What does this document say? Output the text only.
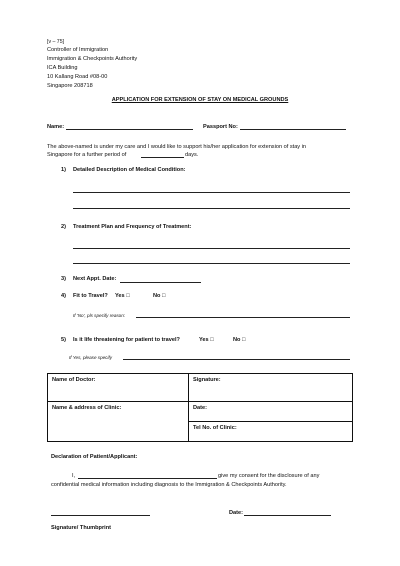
[v – 75]
Controller of Immigration
Immigration & Checkpoints Authority
ICA Building
10 Kallang Road #08-00
Singapore 208718
APPLICATION FOR EXTENSION OF STAY ON MEDICAL GROUNDS
Name:	Passport No:
The above-named is under my care and I would like to support his/her application for extension of stay in
Singapore for a further period of	days.
1) Detailed Description of Medical Condition:
2) Treatment Plan and Frequency of Treatment:
3) Next Appt. Date:
4) Fit to Travel? Yes □	No □
If 'No', pls specify reason:
5) Is it life threatening for patient to travel?	Yes □	No □
If Yes, please specify
Name of Doctor:	Signature:
Name & address of Clinic:	Date:
	Tel No. of Clinic:
Declaration of Patient/Applicant:
I,	give my consent for the disclosure of any
confidential medical information including diagnosis to the Immigration & Checkpoints Authority.
Date:
Signature/ Thumbprint
